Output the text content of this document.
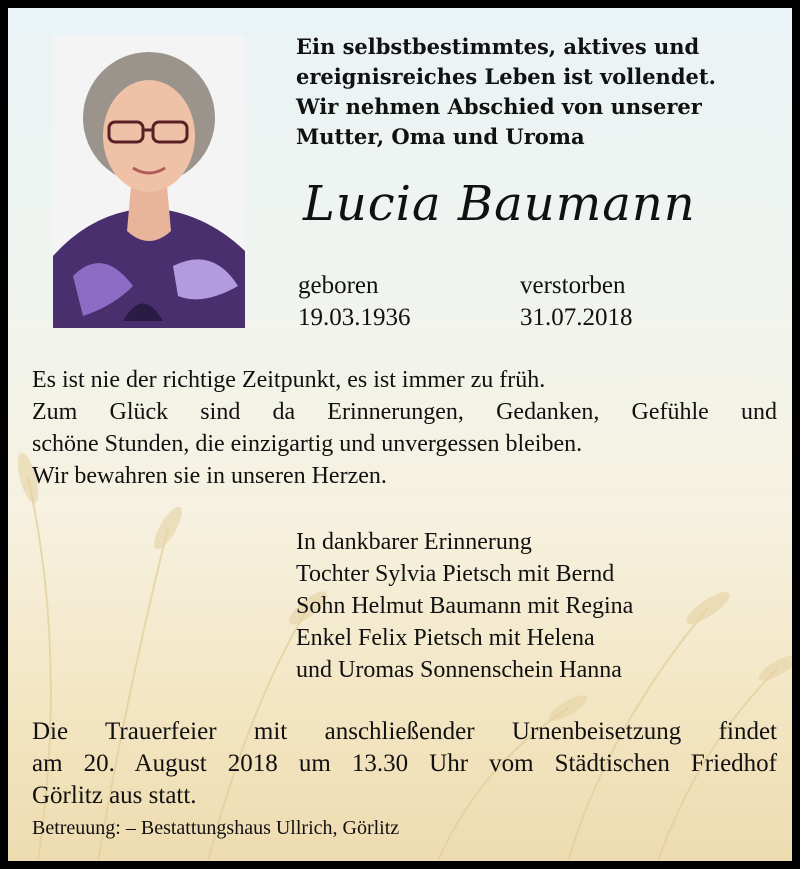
Ein selbstbestimmtes, aktives und
ereignisreiches Leben ist vollendet.
Wir nehmen Abschied von unserer
Mutter, Oma und Uroma
Lucia Baumann
geboren
19.03.1936
verstorben
31.07.2018
Es ist nie der richtige Zeitpunkt, es ist immer zu früh.
Zum Glück sind da Erinnerungen, Gedanken, Gefühle und
schöne Stunden, die einzigartig und unvergessen bleiben.
Wir bewahren sie in unseren Herzen.
In dankbarer Erinnerung
Tochter Sylvia Pietsch mit Bernd
Sohn Helmut Baumann mit Regina
Enkel Felix Pietsch mit Helena
und Uromas Sonnenschein Hanna
Die Trauerfeier mit anschließender Urnenbeisetzung findet
am 20. August 2018 um 13.30 Uhr vom Städtischen Friedhof
Görlitz aus statt.
Betreuung: – Bestattungshaus Ullrich, Görlitz
